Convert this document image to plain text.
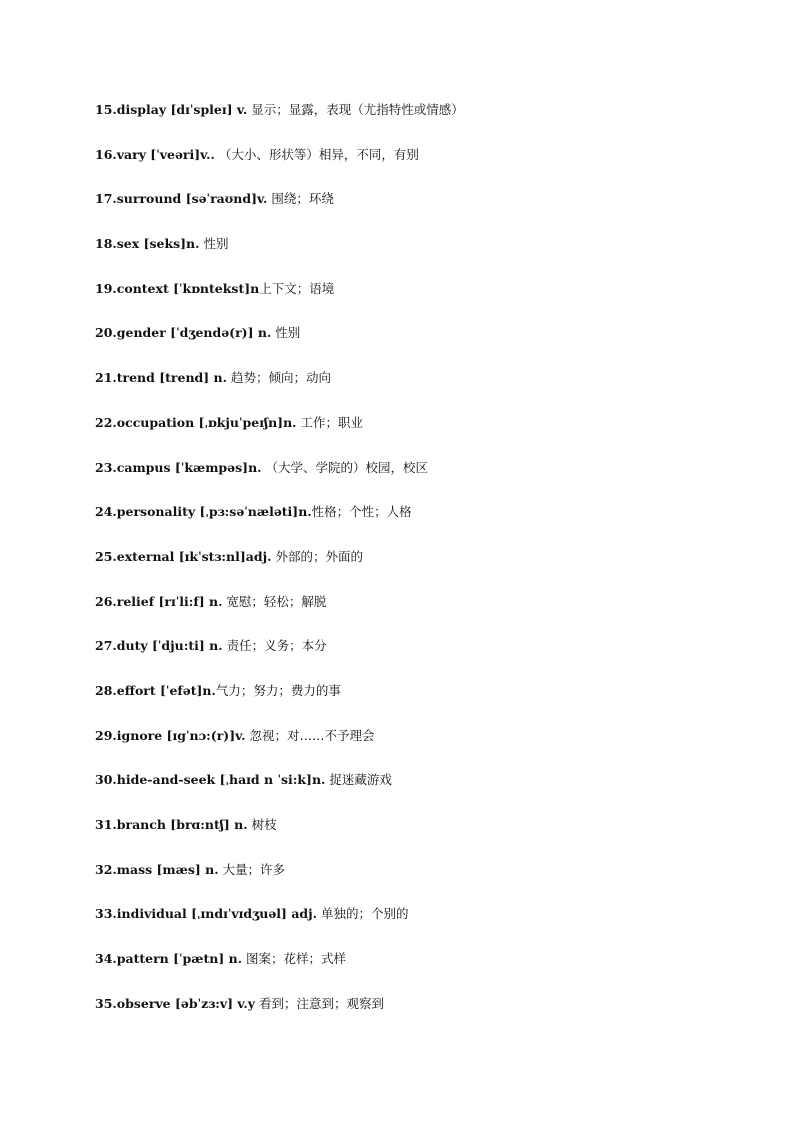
15.display [dɪˈspleɪ] v. 显示；显露，表现（尤指特性或情感）
16.vary [ˈveəri]v.. （大小、形状等）相异，不同，有别
17.surround [səˈraʊnd]v. 围绕；环绕
18.sex [seks]n. 性别
19.context [ˈkɒntekst]n上下文；语境
20.gender [ˈdʒendə(r)] n. 性别
21.trend [trend] n. 趋势；倾向；动向
22.occupation [ˌɒkjuˈpeɪʃn]n. 工作；职业
23.campus [ˈkæmpəs]n. （大学、学院的）校园，校区
24.personality [ˌpɜ:səˈnæləti]n.性格；个性；人格
25.external [ɪkˈstɜ:nl]adj. 外部的；外面的
26.relief [rɪˈli:f] n. 宽慰；轻松；解脱
27.duty [ˈdju:ti] n. 责任；义务；本分
28.effort [ˈefət]n.气力；努力；费力的事
29.ignore [ɪgˈnɔ:(r)]v. 忽视；对……不予理会
30.hide-and-seek [ˌhaɪd n ˈsi:k]n. 捉迷藏游戏
31.branch [brɑ:ntʃ] n. 树枝
32.mass [mæs] n. 大量；许多
33.individual [ˌɪndɪˈvɪdʒuəl] adj. 单独的；个别的
34.pattern [ˈpætn] n. 图案；花样；式样
35.observe [əbˈzɜ:v] v.y 看到；注意到；观察到
